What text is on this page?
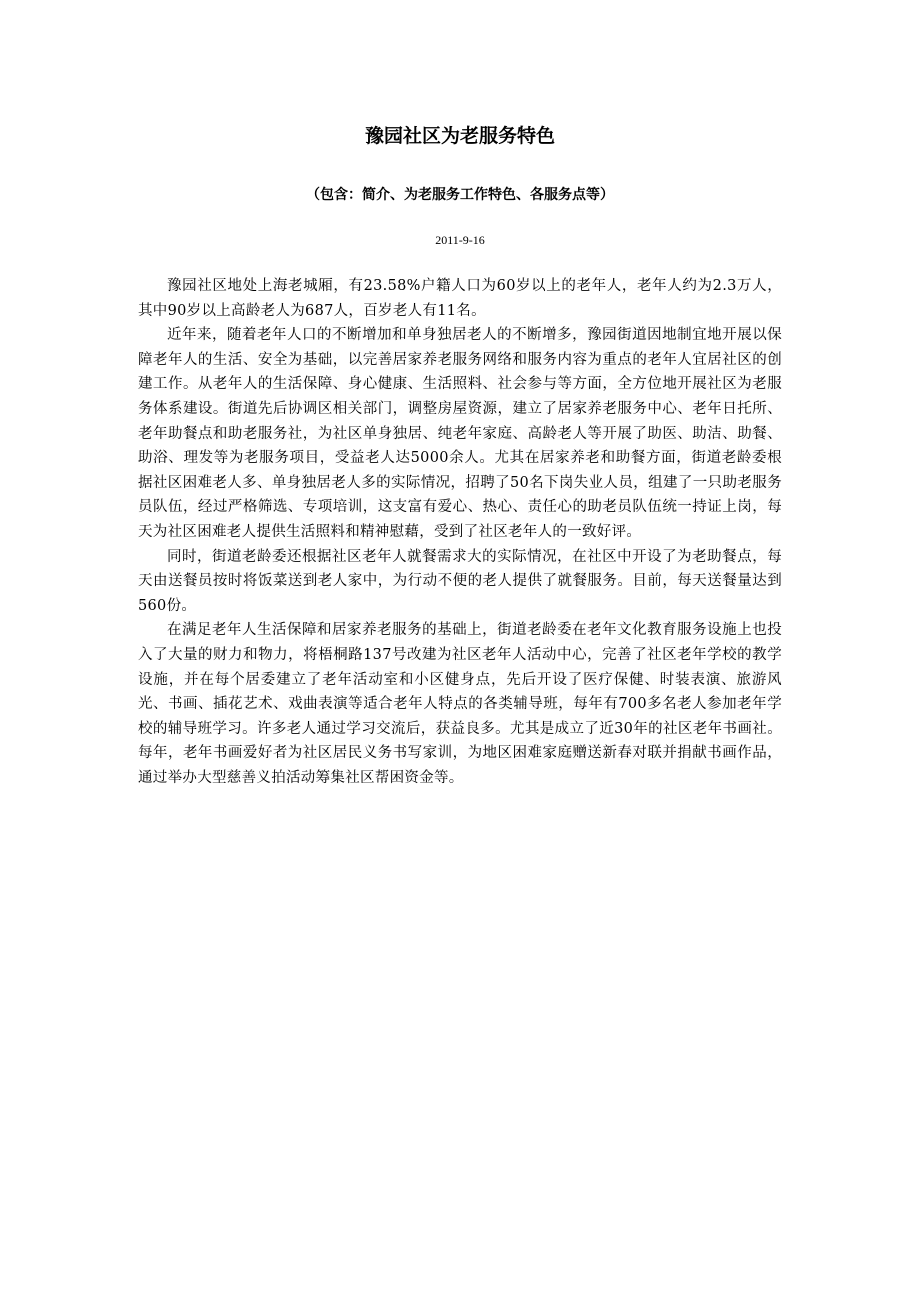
豫园社区为老服务特色
（包含：简介、为老服务工作特色、各服务点等）
2011-9-16

豫园社区地处上海老城厢，有23.58%户籍人口为60岁以上的老年人，老年人约为2.3万人，其中90岁以上高龄老人为687人，百岁老人有11名。

近年来，随着老年人口的不断增加和单身独居老人的不断增多，豫园街道因地制宜地开展以保障老年人的生活、安全为基础，以完善居家养老服务网络和服务内容为重点的老年人宜居社区的创建工作。从老年人的生活保障、身心健康、生活照料、社会参与等方面，全方位地开展社区为老服务体系建设。街道先后协调区相关部门，调整房屋资源，建立了居家养老服务中心、老年日托所、老年助餐点和助老服务社，为社区单身独居、纯老年家庭、高龄老人等开展了助医、助洁、助餐、助浴、理发等为老服务项目，受益老人达5000余人。尤其在居家养老和助餐方面，街道老龄委根据社区困难老人多、单身独居老人多的实际情况，招聘了50名下岗失业人员，组建了一只助老服务员队伍，经过严格筛选、专项培训，这支富有爱心、热心、责任心的助老员队伍统一持证上岗，每天为社区困难老人提供生活照料和精神慰藉，受到了社区老年人的一致好评。

同时，街道老龄委还根据社区老年人就餐需求大的实际情况，在社区中开设了为老助餐点，每天由送餐员按时将饭菜送到老人家中，为行动不便的老人提供了就餐服务。目前，每天送餐量达到560份。

在满足老年人生活保障和居家养老服务的基础上，街道老龄委在老年文化教育服务设施上也投入了大量的财力和物力，将梧桐路137号改建为社区老年人活动中心，完善了社区老年学校的教学设施，并在每个居委建立了老年活动室和小区健身点，先后开设了医疗保健、时装表演、旅游风光、书画、插花艺术、戏曲表演等适合老年人特点的各类辅导班，每年有700多名老人参加老年学校的辅导班学习。许多老人通过学习交流后，获益良多。尤其是成立了近30年的社区老年书画社。每年，老年书画爱好者为社区居民义务书写家训，为地区困难家庭赠送新春对联并捐献书画作品，通过举办大型慈善义拍活动筹集社区帮困资金等。
